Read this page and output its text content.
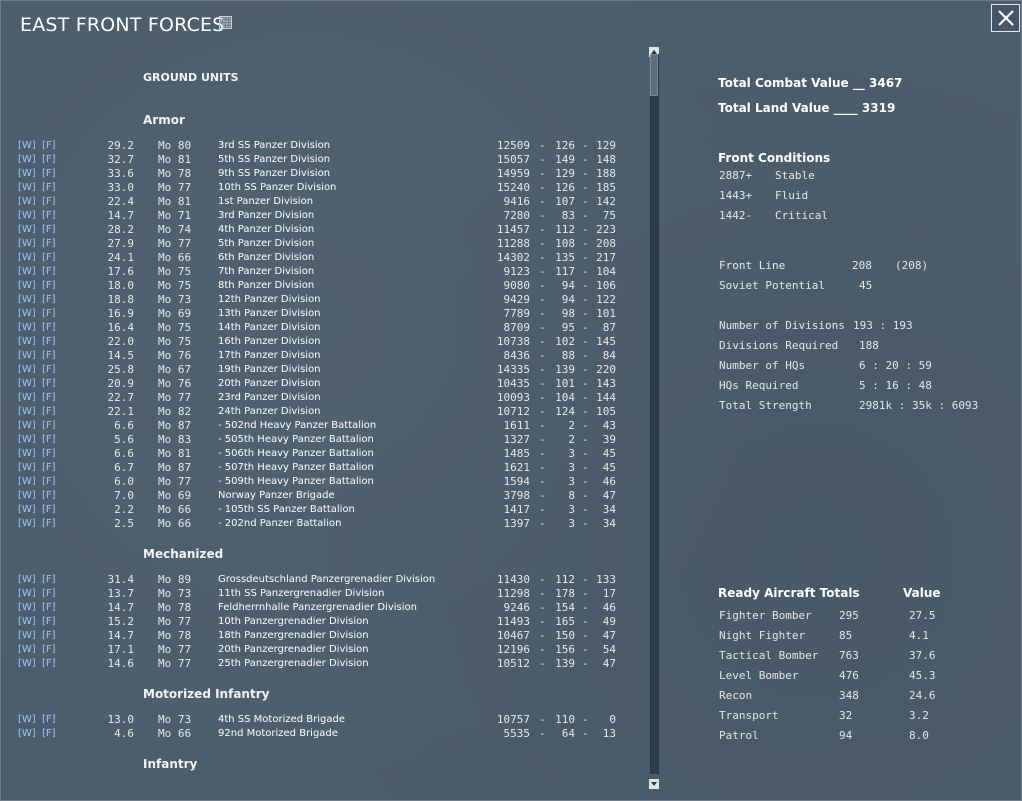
EAST FRONT FORCES
GROUND UNITS
Armor
[W] [F]	29.2 Mo 80	3rd SS Panzer Division	12509 - 126 - 129
[W] [F]	32.7 Mo 81	5th SS Panzer Division	15057 - 149 - 148
[W] [F]	33.6 Mo 78	9th SS Panzer Division	14959 - 129 - 188
[W] [F]	33.0 Mo 77	10th SS Panzer Division	15240 - 126 - 185
[W] [F]	22.4 Mo 81	1st Panzer Division	9416 - 107 - 142
[W] [F]	14.7 Mo 71	3rd Panzer Division	7280 -	83 -	75
[W] [F]	28.2 Mo 74	4th Panzer Division	11457 - 112 - 223
[W] [F]	27.9 Mo 77	5th Panzer Division	11288 - 108 - 208
[W] [F]	24.1 Mo 66	6th Panzer Division	14302 - 135 - 217
[W] [F]	17.6 Mo 75	7th Panzer Division	9123 - 117 - 104
[W] [F]	18.0 Mo 75	8th Panzer Division	9080 -	94 - 106
[W] [F]	18.8 Mo 73	12th Panzer Division	9429 -	94 - 122
[W] [F]	16.9 Mo 69	13th Panzer Division	7789 -	98 - 101
[W] [F]	16.4 Mo 75	14th Panzer Division	8709 -	95 -	87
[W] [F]	22.0 Mo 75	16th Panzer Division	10738 - 102 - 145
[W] [F]	14.5 Mo 76	17th Panzer Division	8436 -	88 -	84
[W] [F]	25.8 Mo 67	19th Panzer Division	14335 - 139 - 220
[W] [F]	20.9 Mo 76	20th Panzer Division	10435 - 101 - 143
[W] [F]	22.7 Mo 77	23rd Panzer Division	10093 - 104 - 144
[W] [F]	22.1 Mo 82	24th Panzer Division	10712 - 124 - 105
[W] [F]	6.6 Mo 87	- 502nd Heavy Panzer Battalion	1611 -	2 -	43
[W] [F]	5.6 Mo 83	- 505th Heavy Panzer Battalion	1327 -	2 -	39
[W] [F]	6.6 Mo 81	- 506th Heavy Panzer Battalion	1485 -	3 -	45
[W] [F]	6.7 Mo 87	- 507th Heavy Panzer Battalion	1621 -	3 -	45
[W] [F]	6.0 Mo 77	- 509th Heavy Panzer Battalion	1594 -	3 -	46
[W] [F]	7.0 Mo 69	Norway Panzer Brigade	3798 -	8 -	47
[W] [F]	2.2 Mo 66	- 105th SS Panzer Battalion	1417 -	3 -	34
[W] [F]	2.5 Mo 66	- 202nd Panzer Battalion	1397 -	3 -	34
Mechanized
[W] [F]	31.4 Mo 89	Grossdeutschland Panzergrenadier Division	11430 - 112 - 133
[W] [F]	13.7 Mo 73	11th SS Panzergrenadier Division	11298 - 178 -	17
[W] [F]	14.7 Mo 78	Feldherrnhalle Panzergrenadier Division	9246 - 154 -	46
[W] [F]	15.2 Mo 77	10th Panzergrenadier Division	11493 - 165 -	49
[W] [F]	14.7 Mo 78	18th Panzergrenadier Division	10467 - 150 -	47
[W] [F]	17.1 Mo 77	20th Panzergrenadier Division	12196 - 156 -	54
[W] [F]	14.6 Mo 77	25th Panzergrenadier Division	10512 - 139 -	47
Motorized Infantry
[W] [F]	13.0 Mo 73	4th SS Motorized Brigade	10757 - 110 -	0
[W] [F]	4.6 Mo 66	92nd Motorized Brigade	5535 -	64 -	13
Infantry
Total Combat Value __ 3467
Total Land Value ____ 3319
Front Conditions
2887+ Stable
1443+ Fluid
1442- Critical
Front Line	208 (208)
Soviet Potential	45
Number of Divisions 193 : 193
Divisions Required 188
Number of HQs	6 : 20 : 59
HQs Required	5 : 16 : 48
Total Strength	2981k : 35k : 6093
Ready Aircraft Totals	Value
Fighter Bomber 295	27.5
Night Fighter	85	4.1
Tactical Bomber 763	37.6
Level Bomber	476	45.3
Recon	348	24.6
Transport	32	3.2
Patrol	94	8.0
